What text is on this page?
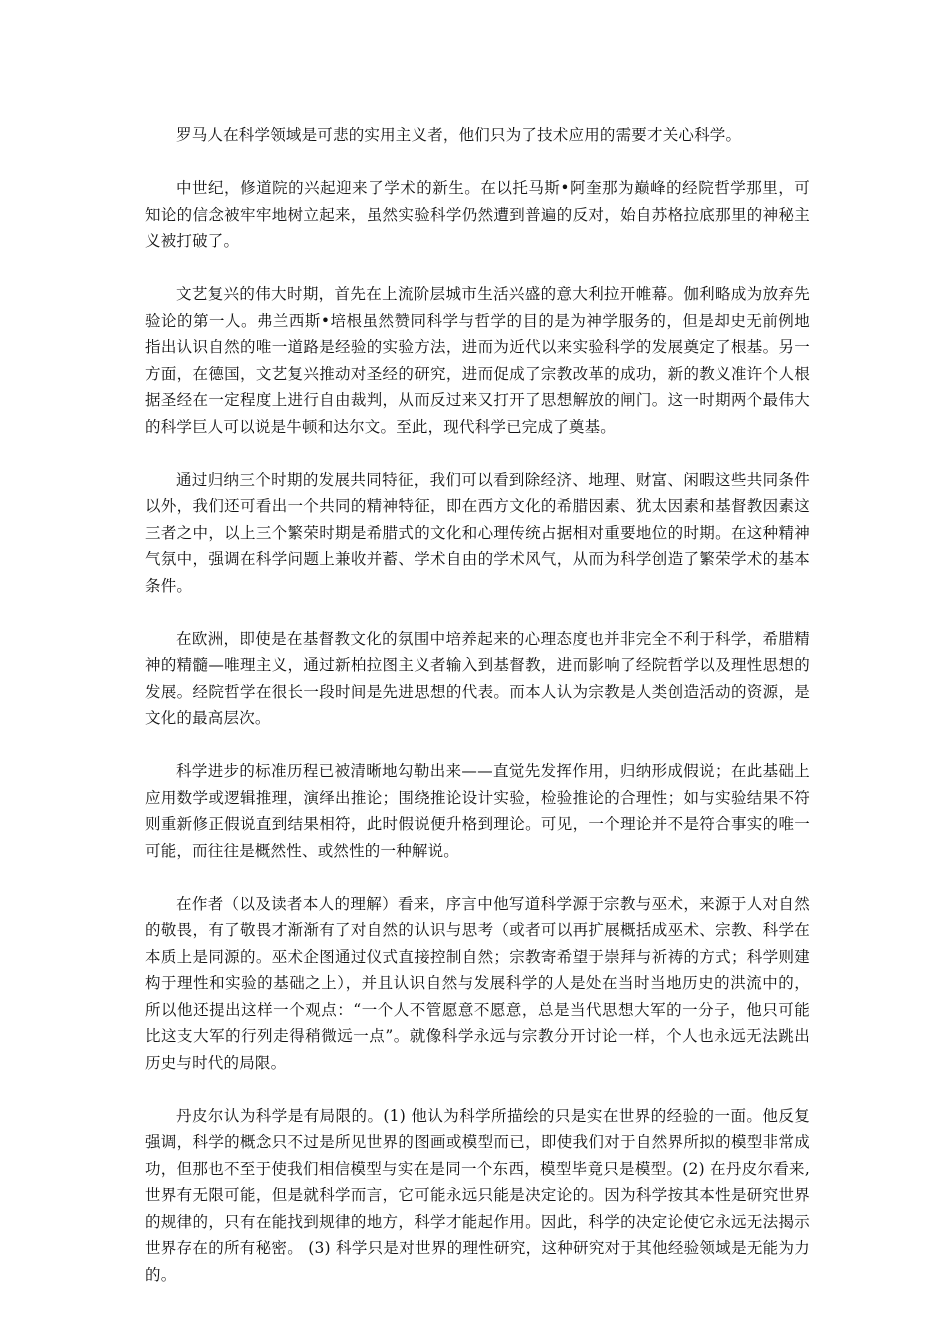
罗马人在科学领域是可悲的实用主义者，他们只为了技术应用的需要才关心科学。

中世纪，修道院的兴起迎来了学术的新生。在以托马斯•阿奎那为巅峰的经院哲学那里，可知论的信念被牢牢地树立起来，虽然实验科学仍然遭到普遍的反对，始自苏格拉底那里的神秘主义被打破了。

文艺复兴的伟大时期，首先在上流阶层城市生活兴盛的意大利拉开帷幕。伽利略成为放弃先验论的第一人。弗兰西斯•培根虽然赞同科学与哲学的目的是为神学服务的，但是却史无前例地指出认识自然的唯一道路是经验的实验方法，进而为近代以来实验科学的发展奠定了根基。另一方面，在德国，文艺复兴推动对圣经的研究，进而促成了宗教改革的成功，新的教义准许个人根据圣经在一定程度上进行自由裁判，从而反过来又打开了思想解放的闸门。这一时期两个最伟大的科学巨人可以说是牛顿和达尔文。至此，现代科学已完成了奠基。

通过归纳三个时期的发展共同特征，我们可以看到除经济、地理、财富、闲暇这些共同条件以外，我们还可看出一个共同的精神特征，即在西方文化的希腊因素、犹太因素和基督教因素这三者之中，以上三个繁荣时期是希腊式的文化和心理传统占据相对重要地位的时期。在这种精神气氛中，强调在科学问题上兼收并蓄、学术自由的学术风气，从而为科学创造了繁荣学术的基本条件。

在欧洲，即使是在基督教文化的氛围中培养起来的心理态度也并非完全不利于科学，希腊精神的精髓—唯理主义，通过新柏拉图主义者输入到基督教，进而影响了经院哲学以及理性思想的发展。经院哲学在很长一段时间是先进思想的代表。而本人认为宗教是人类创造活动的资源，是文化的最高层次。

科学进步的标准历程已被清晰地勾勒出来——直觉先发挥作用，归纳形成假说；在此基础上应用数学或逻辑推理，演绎出推论；围绕推论设计实验，检验推论的合理性；如与实验结果不符则重新修正假说直到结果相符，此时假说便升格到理论。可见，一个理论并不是符合事实的唯一可能，而往往是概然性、或然性的一种解说。

在作者（以及读者本人的理解）看来，序言中他写道科学源于宗教与巫术，来源于人对自然的敬畏，有了敬畏才渐渐有了对自然的认识与思考（或者可以再扩展概括成巫术、宗教、科学在本质上是同源的。巫术企图通过仪式直接控制自然；宗教寄希望于崇拜与祈祷的方式；科学则建构于理性和实验的基础之上），并且认识自然与发展科学的人是处在当时当地历史的洪流中的，所以他还提出这样一个观点：“一个人不管愿意不愿意，总是当代思想大军的一分子，他只可能比这支大军的行列走得稍微远一点”。就像科学永远与宗教分开讨论一样，个人也永远无法跳出历史与时代的局限。

丹皮尔认为科学是有局限的。(1) 他认为科学所描绘的只是实在世界的经验的一面。他反复强调，科学的概念只不过是所见世界的图画或模型而已，即使我们对于自然界所拟的模型非常成功，但那也不至于使我们相信模型与实在是同一个东西，模型毕竟只是模型。(2) 在丹皮尔看来,世界有无限可能，但是就科学而言，它可能永远只能是决定论的。因为科学按其本性是研究世界的规律的，只有在能找到规律的地方，科学才能起作用。因此，科学的决定论使它永远无法揭示世界存在的所有秘密。 (3) 科学只是对世界的理性研究，这种研究对于其他经验领域是无能为力的。
